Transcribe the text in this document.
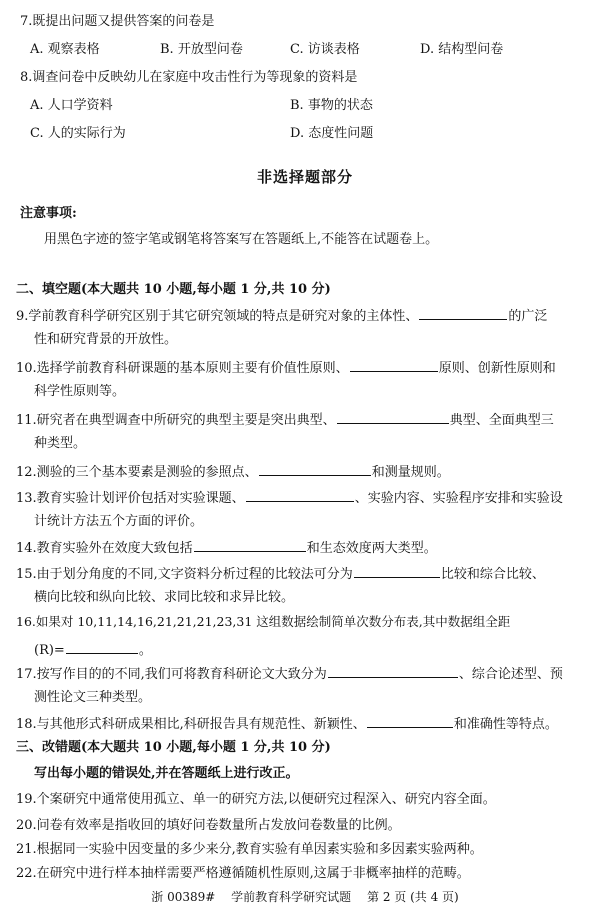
7.既提出问题又提供答案的问卷是
A. 观察表格	B. 开放型问卷	C. 访谈表格	D. 结构型问卷
8.调查问卷中反映幼儿在家庭中攻击性行为等现象的资料是
A. 人口学资料	B. 事物的状态
C. 人的实际行为	D. 态度性问题
非选择题部分
注意事项:
用黑色字迹的签字笔或钢笔将答案写在答题纸上,不能答在试题卷上。
二、填空题(本大题共 10 小题,每小题 1 分,共 10 分)
9.学前教育科学研究区别于其它研究领域的特点是研究对象的主体性、	的广泛
性和研究背景的开放性。
10.选择学前教育科研课题的基本原则主要有价值性原则、	原则、创新性原则和
科学性原则等。
11.研究者在典型调查中所研究的典型主要是突出典型、	典型、全面典型三
种类型。
12.测验的三个基本要素是测验的参照点、	和测量规则。
13.教育实验计划评价包括对实验课题、	、实验内容、实验程序安排和实验设
计统计方法五个方面的评价。
14.教育实验外在效度大致包括	和生态效度两大类型。
15.由于划分角度的不同,文字资料分析过程的比较法可分为	比较和综合比较、
横向比较和纵向比较、求同比较和求异比较。
16.如果对 10,11,14,16,21,21,21,23,31 这组数据绘制简单次数分布表,其中数据组全距
(R)=	。
17.按写作目的的不同,我们可将教育科研论文大致分为	、综合论述型、预
测性论文三种类型。
18.与其他形式科研成果相比,科研报告具有规范性、新颖性、	和准确性等特点。
三、改错题(本大题共 10 小题,每小题 1 分,共 10 分)
写出每小题的错误处,并在答题纸上进行改正。
19.个案研究中通常使用孤立、单一的研究方法,以便研究过程深入、研究内容全面。
20.问卷有效率是指收回的填好问卷数量所占发放问卷数量的比例。
21.根据同一实验中因变量的多少来分,教育实验有单因素实验和多因素实验两种。
22.在研究中进行样本抽样需要严格遵循随机性原则,这属于非概率抽样的范畴。
浙 00389# 学前教育科学研究试题 第 2 页 (共 4 页)
